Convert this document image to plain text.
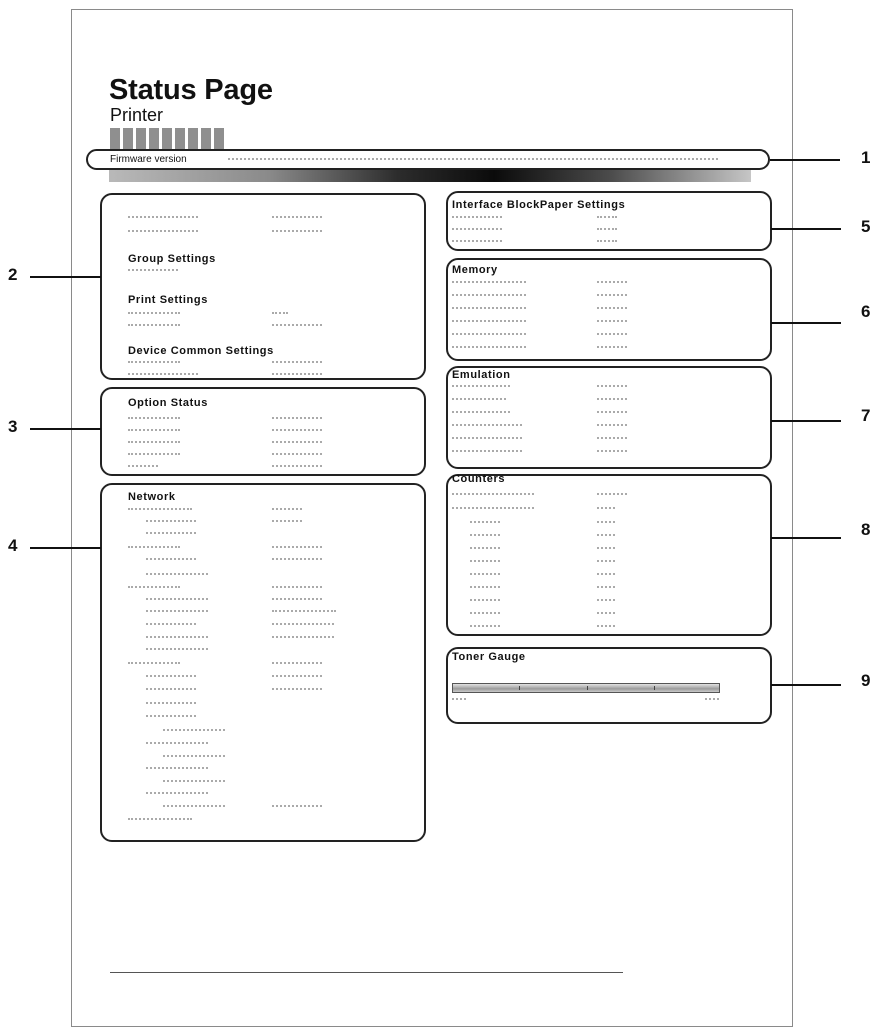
Status Page
Printer
Firmware version
Group Settings
Print Settings
Device Common Settings
Option Status
Network
Interface BlockPaper Settings
Memory
Emulation
Counters
Toner Gauge
1
2
3
4
5
6
7
8
9
